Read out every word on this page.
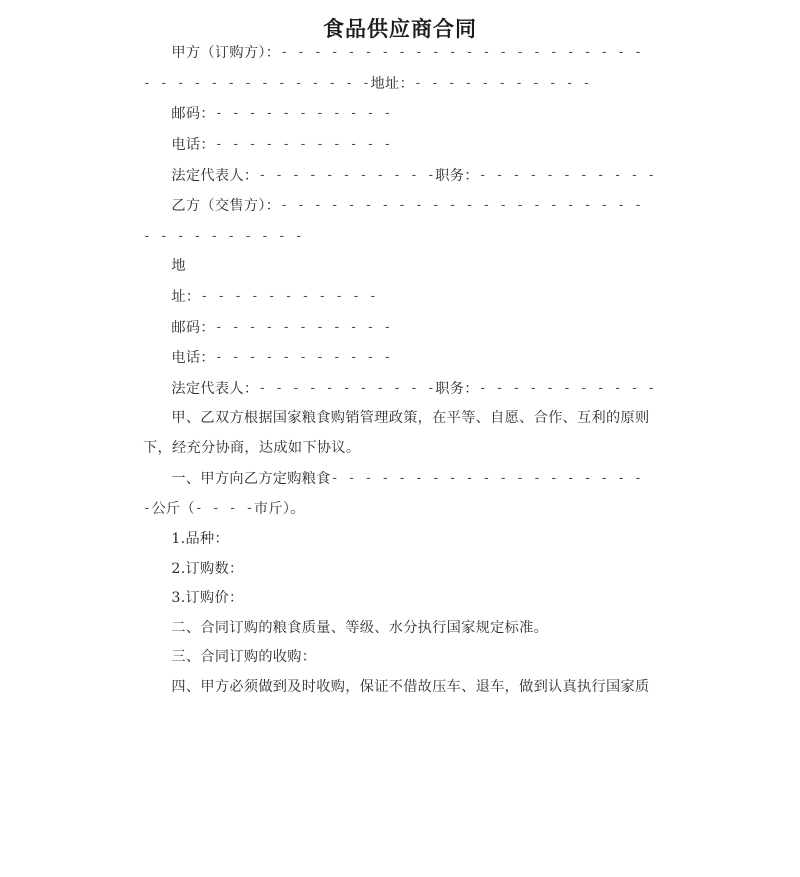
食品供应商合同

甲方（订购方）：- - - - - - - - - - - - - - - - - - - - - - - - - - - - - - - - - - - -地址：- - - - - - - - - - -

邮码：- - - - - - - - - - -

电话：- - - - - - - - - - -

法定代表人：- - - - - - - - - - -职务：- - - - - - - - - - -

乙方（交售方）：- - - - - - - - - - - - - - - - - - - - - - - - - - - - - - - -

地

址：- - - - - - - - - - -

邮码：- - - - - - - - - - -

电话：- - - - - - - - - - -

法定代表人：- - - - - - - - - - -职务：- - - - - - - - - - -

甲、乙双方根据国家粮食购销管理政策，在平等、自愿、合作、互利的原则下，经充分协商，达成如下协议。

一、甲方向乙方定购粮食- - - - - - - - - - - - - - - - - - - -公斤（- - - -市斤）。

1.品种：

2.订购数：

3.订购价：

二、合同订购的粮食质量、等级、水分执行国家规定标准。

三、合同订购的收购：

四、甲方必须做到及时收购，保证不借故压车、退车，做到认真执行国家质
